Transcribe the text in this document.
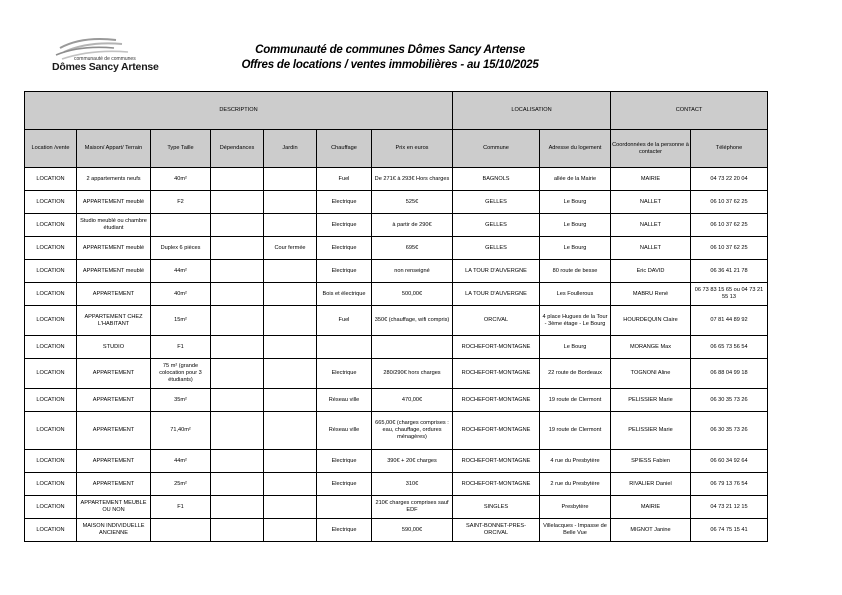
communauté de communes
Dômes Sancy Artense
Communauté de communes Dômes Sancy Artense
Offres de locations / ventes immobilières - au 15/10/2025
DESCRIPTION							LOCALISATION		CONTACT	
Location /vente	Maison/ Appart/ Terrain	Type Taille	Dépendances	Jardin	Chauffage	Prix en euros	Commune	Adresse du logement	Coordonnées de la personne à contacter	Téléphone
LOCATION	2 appartements neufs	40m²			Fuel	De 271€ à 293€ Hors charges	BAGNOLS	allée de la Mairie	MAIRIE	04 73 22 20 04
LOCATION	APPARTEMENT meublé	F2			Electrique	525€	GELLES	Le Bourg	NALLET	06 10 37 62 25
LOCATION	Studio meublé ou chambre étudiant				Electrique	à partir de 290€	GELLES	Le Bourg	NALLET	06 10 37 62 25
LOCATION	APPARTEMENT meublé	Duplex 6 pièces		Cour fermée	Electrique	695€	GELLES	Le Bourg	NALLET	06 10 37 62 25
LOCATION	APPARTEMENT meublé	44m²			Electrique	non renseigné	LA TOUR D'AUVERGNE	80 route de besse	Eric DAVID	06 36 41 21 78
LOCATION	APPARTEMENT	40m²			Bois et électrique	500,00€	LA TOUR D'AUVERGNE	Les Foullerous	MABRU René	06 73 83 15 65 ou 04 73 21 55 13
LOCATION	APPARTEMENT CHEZ L'HABITANT	15m²			Fuel	350€ (chauffage, wifi compris)	ORCIVAL	4 place Hugues de la Tour - 3ème étage - Le Bourg	HOURDEQUIN Claire	07 81 44 89 92
LOCATION	STUDIO	F1					ROCHEFORT-MONTAGNE	Le Bourg	MORANGE Max	06 65 73 56 54
LOCATION	APPARTEMENT	75 m² (grande colocation pour 3 étudiants)			Electrique	280/290€ hors charges	ROCHEFORT-MONTAGNE	22 route de Bordeaux	TOGNONI Aline	06 88 04 99 18
LOCATION	APPARTEMENT	35m²			Réseau ville	470,00€	ROCHEFORT-MONTAGNE	19 route de Clermont	PELISSIER Marie	06 30 35 73 26
LOCATION	APPARTEMENT	71,40m²			Réseau ville	665,00€ (charges comprises : eau, chauffage, ordures ménagères)	ROCHEFORT-MONTAGNE	19 route de Clermont	PELISSIER Marie	06 30 35 73 26
LOCATION	APPARTEMENT	44m²			Electrique	390€ + 20€ charges	ROCHEFORT-MONTAGNE	4 rue du Presbytère	SPIESS Fabien	06 60 34 92 64
LOCATION	APPARTEMENT	25m²			Electrique	310€	ROCHEFORT-MONTAGNE	2 rue du Presbytère	RIVALIER Daniel	06 79 13 76 54
LOCATION	APPARTEMENT MEUBLE OU NON	F1				210€ charges comprises sauf EDF	SINGLES	Presbytère	MAIRIE	04 73 21 12 15
LOCATION	MAISON INDIVIDUELLE ANCIENNE				Electrique	590,00€	SAINT-BONNET-PRES-ORCIVAL	Villelacques - Impasse de Belle Vue	MIGNOT Janine	06 74 75 15 41
